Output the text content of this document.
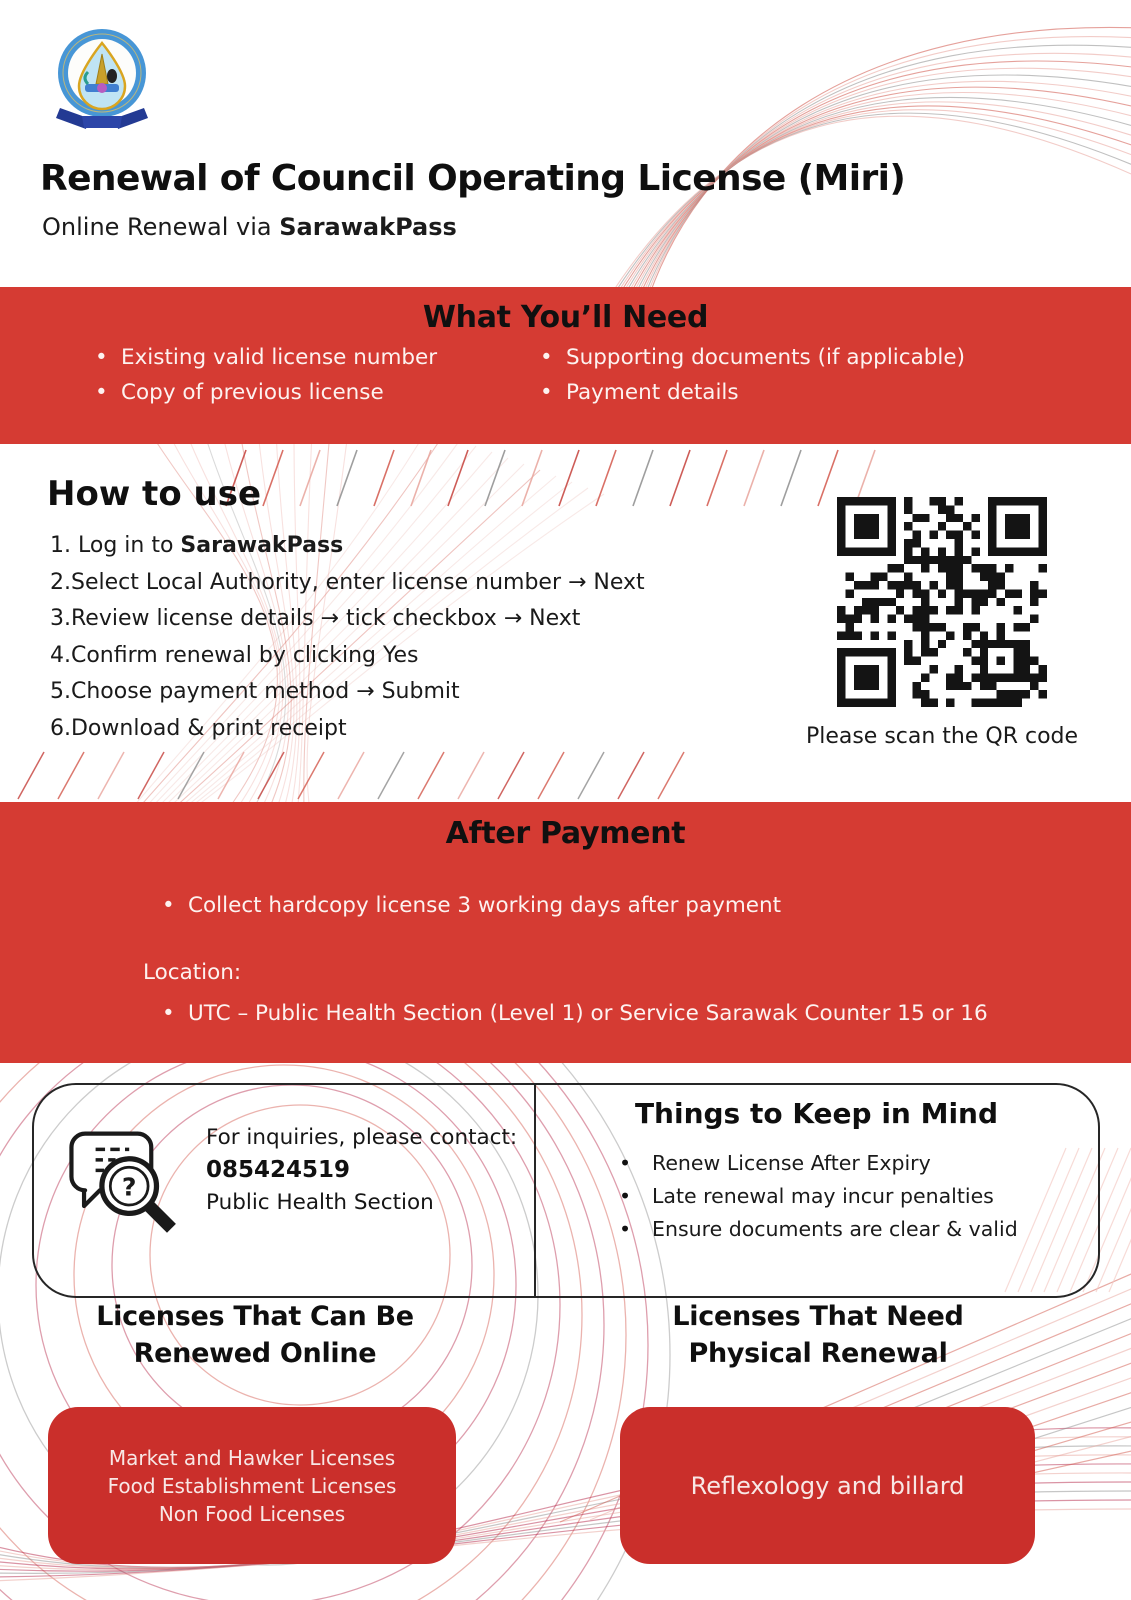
Renewal of Council Operating License (Miri)

Online Renewal via SarawakPass

What You’ll Need
• Existing valid license number
• Copy of previous license
• Supporting documents (if applicable)
• Payment details
How to use
1. Log in to SarawakPass
2.Select Local Authority, enter license number → Next
3.Review license details → tick checkbox → Next
4.Confirm renewal by clicking Yes
5.Choose payment method → Submit
6.Download & print receipt	Please scan the QR code

After Payment
• Collect hardcopy license 3 working days after payment

Location:

• UTC – Public Health Section (Level 1) or Service Sarawak Counter 15 or 16
?

For inquiries, please contact:

085424519

Public Health Section

Things to Keep in Mind
• Renew License After Expiry
• Late renewal may incur penalties
• Ensure documents are clear & valid
Licenses That Can Be
Renewed Online
Licenses That Need
Physical Renewal
Market and Hawker Licenses
Food Establishment Licenses
Non Food Licenses
Reflexology and billard
